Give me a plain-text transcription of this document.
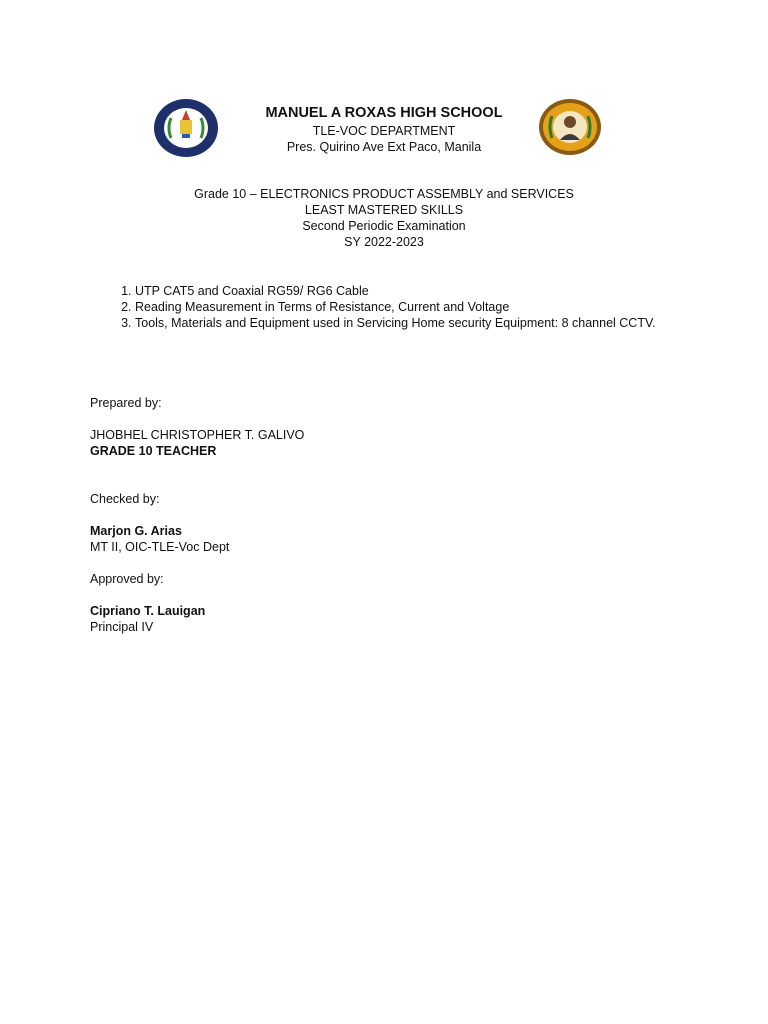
MANUEL A ROXAS HIGH SCHOOL
TLE-VOC DEPARTMENT
Pres. Quirino Ave Ext Paco, Manila
Grade 10 – ELECTRONICS PRODUCT ASSEMBLY and SERVICES
LEAST MASTERED SKILLS
Second Periodic Examination
SY 2022-2023
1. UTP CAT5 and Coaxial RG59/ RG6 Cable
2. Reading Measurement in Terms of Resistance, Current and Voltage
3. Tools, Materials and Equipment used in Servicing Home security Equipment: 8 channel CCTV.
Prepared by:
JHOBHEL CHRISTOPHER T. GALIVO
GRADE 10 TEACHER
Checked by:
Marjon G. Arias
MT II, OIC-TLE-Voc Dept
Approved by:
Cipriano T. Lauigan
Principal IV
